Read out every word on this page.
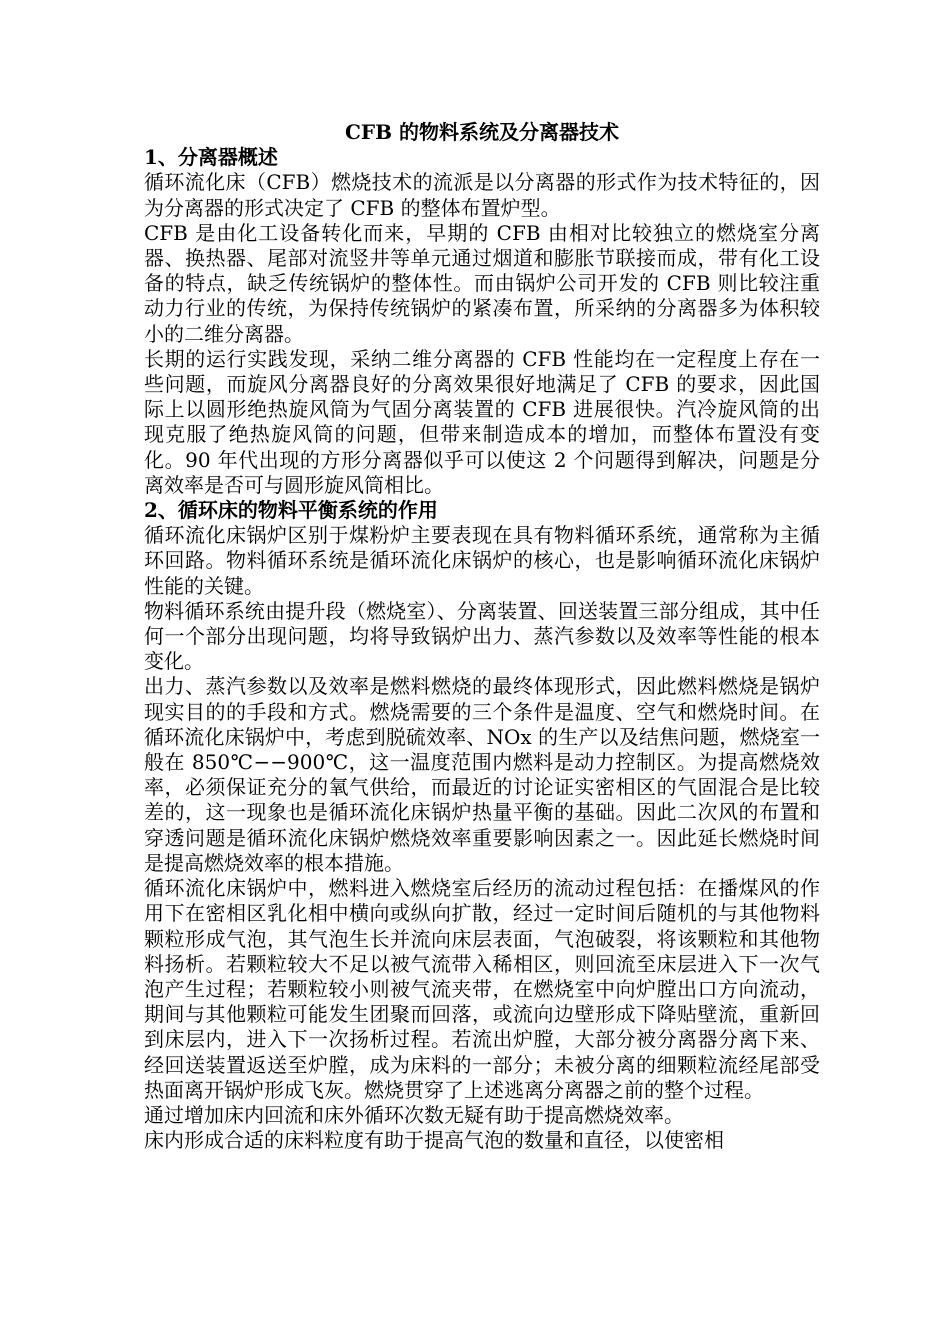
CFB 的物料系统及分离器技术

1、分离器概述

循环流化床（CFB）燃烧技术的流派是以分离器的形式作为技术特征的，因为分离器的形式决定了 CFB 的整体布置炉型。

CFB 是由化工设备转化而来，早期的 CFB 由相对比较独立的燃烧室分离器、换热器、尾部对流竖井等单元通过烟道和膨胀节联接而成，带有化工设备的特点，缺乏传统锅炉的整体性。而由锅炉公司开发的 CFB 则比较注重动力行业的传统，为保持传统锅炉的紧凑布置，所采纳的分离器多为体积较小的二维分离器。

长期的运行实践发现，采纳二维分离器的 CFB 性能均在一定程度上存在一些问题，而旋风分离器良好的分离效果很好地满足了 CFB 的要求，因此国际上以圆形绝热旋风筒为气固分离装置的 CFB 进展很快。汽冷旋风筒的出现克服了绝热旋风筒的问题，但带来制造成本的增加，而整体布置没有变化。90 年代出现的方形分离器似乎可以使这 2 个问题得到解决，问题是分离效率是否可与圆形旋风筒相比。

2、循环床的物料平衡系统的作用

循环流化床锅炉区别于煤粉炉主要表现在具有物料循环系统，通常称为主循环回路。物料循环系统是循环流化床锅炉的核心，也是影响循环流化床锅炉性能的关键。

物料循环系统由提升段（燃烧室）、分离装置、回送装置三部分组成，其中任何一个部分出现问题，均将导致锅炉出力、蒸汽参数以及效率等性能的根本变化。

出力、蒸汽参数以及效率是燃料燃烧的最终体现形式，因此燃料燃烧是锅炉现实目的的手段和方式。燃烧需要的三个条件是温度、空气和燃烧时间。在循环流化床锅炉中，考虑到脱硫效率、NOx 的生产以及结焦问题，燃烧室一般在 850℃−−900℃，这一温度范围内燃料是动力控制区。为提高燃烧效率，必须保证充分的氧气供给，而最近的讨论证实密相区的气固混合是比较差的，这一现象也是循环流化床锅炉热量平衡的基础。因此二次风的布置和穿透问题是循环流化床锅炉燃烧效率重要影响因素之一。因此延长燃烧时间是提高燃烧效率的根本措施。

循环流化床锅炉中，燃料进入燃烧室后经历的流动过程包括：在播煤风的作用下在密相区乳化相中横向或纵向扩散，经过一定时间后随机的与其他物料颗粒形成气泡，其气泡生长并流向床层表面，气泡破裂，将该颗粒和其他物料扬析。若颗粒较大不足以被气流带入稀相区，则回流至床层进入下一次气泡产生过程；若颗粒较小则被气流夹带，在燃烧室中向炉膛出口方向流动，期间与其他颗粒可能发生团聚而回落，或流向边壁形成下降贴壁流，重新回到床层内，进入下一次扬析过程。若流出炉膛，大部分被分离器分离下来、经回送装置返送至炉膛，成为床料的一部分；未被分离的细颗粒流经尾部受热面离开锅炉形成飞灰。燃烧贯穿了上述逃离分离器之前的整个过程。

通过增加床内回流和床外循环次数无疑有助于提高燃烧效率。

床内形成合适的床料粒度有助于提高气泡的数量和直径，以使密相
